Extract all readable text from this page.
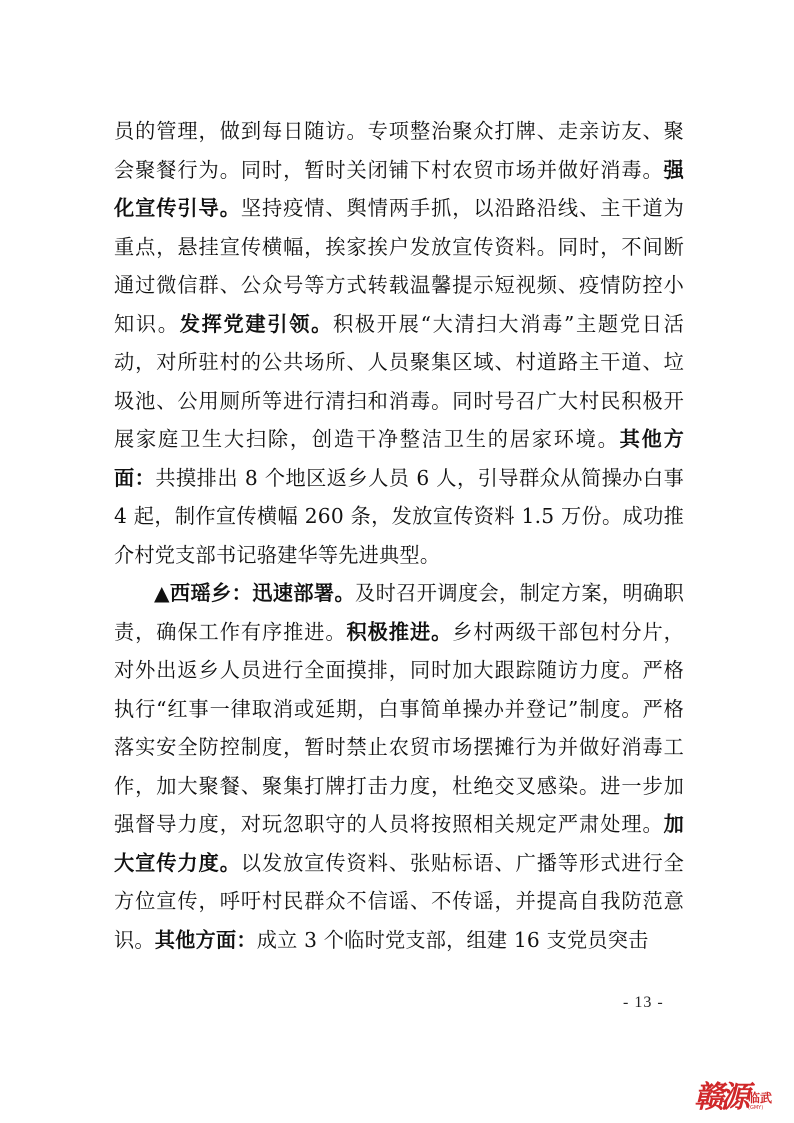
员的管理，做到每日随访。专项整治聚众打牌、走亲访友、聚会聚餐行为。同时，暂时关闭铺下村农贸市场并做好消毒。强化宣传引导。坚持疫情、舆情两手抓，以沿路沿线、主干道为重点，悬挂宣传横幅，挨家挨户发放宣传资料。同时，不间断通过微信群、公众号等方式转载温馨提示短视频、疫情防控小知识。发挥党建引领。积极开展“大清扫大消毒”主题党日活动，对所驻村的公共场所、人员聚集区域、村道路主干道、垃圾池、公用厕所等进行清扫和消毒。同时号召广大村民积极开展家庭卫生大扫除，创造干净整洁卫生的居家环境。其他方面：共摸排出 8 个地区返乡人员 6 人，引导群众从简操办白事 4 起，制作宣传横幅 260 条，发放宣传资料 1.5 万份。成功推介村党支部书记骆建华等先进典型。

▲西瑶乡：迅速部署。及时召开调度会，制定方案，明确职责，确保工作有序推进。积极推进。乡村两级干部包村分片，对外出返乡人员进行全面摸排，同时加大跟踪随访力度。严格执行“红事一律取消或延期，白事简单操办并登记”制度。严格落实安全防控制度，暂时禁止农贸市场摆摊行为并做好消毒工作，加大聚餐、聚集打牌打击力度，杜绝交叉感染。进一步加强督导力度，对玩忽职守的人员将按照相关规定严肃处理。加大宣传力度。以发放宣传资料、张贴标语、广播等形式进行全方位宣传，呼吁村民群众不信谣、不传谣，并提高自我防范意识。其他方面：成立 3 个临时党支部，组建 16 支党员突击

- 13 -
赣源 临武
(GMY)
